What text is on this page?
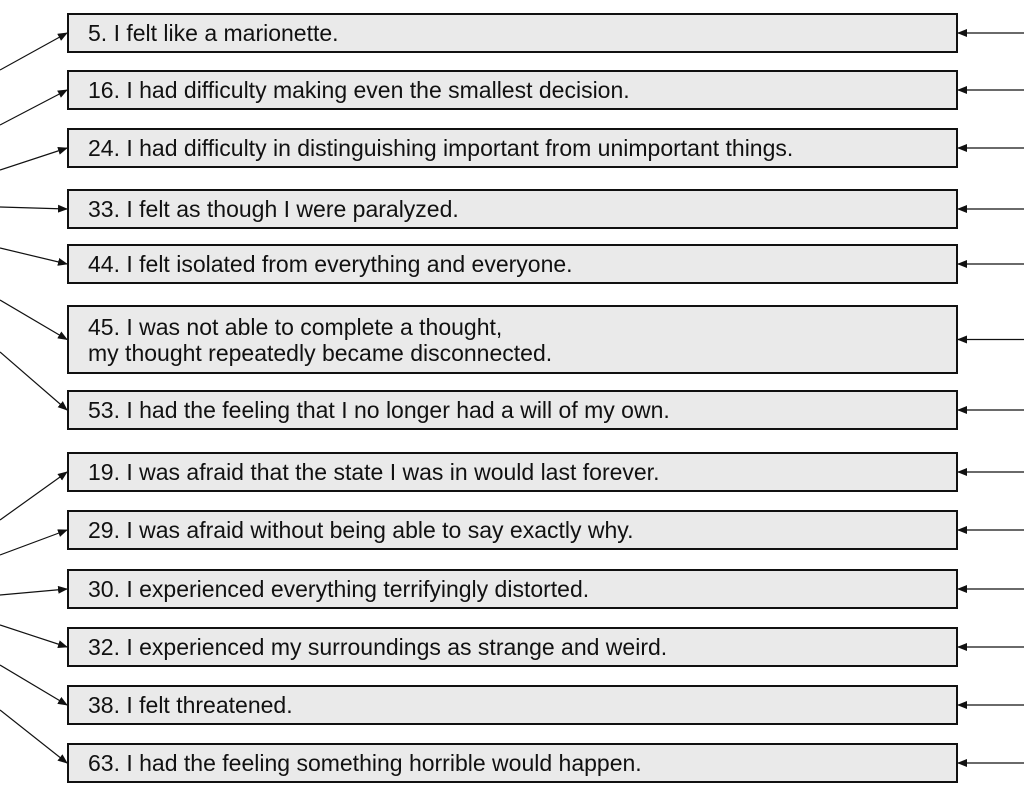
5. I felt like a marionette.
16. I had difficulty making even the smallest decision.
24. I had difficulty in distinguishing important from unimportant things.
33. I felt as though I were paralyzed.
44. I felt isolated from everything and everyone.
45. I was not able to complete a thought,
my thought repeatedly became disconnected.
53. I had the feeling that I no longer had a will of my own.
19. I was afraid that the state I was in would last forever.
29. I was afraid without being able to say exactly why.
30. I experienced everything terrifyingly distorted.
32. I experienced my surroundings as strange and weird.
38. I felt threatened.
63. I had the feeling something horrible would happen.
